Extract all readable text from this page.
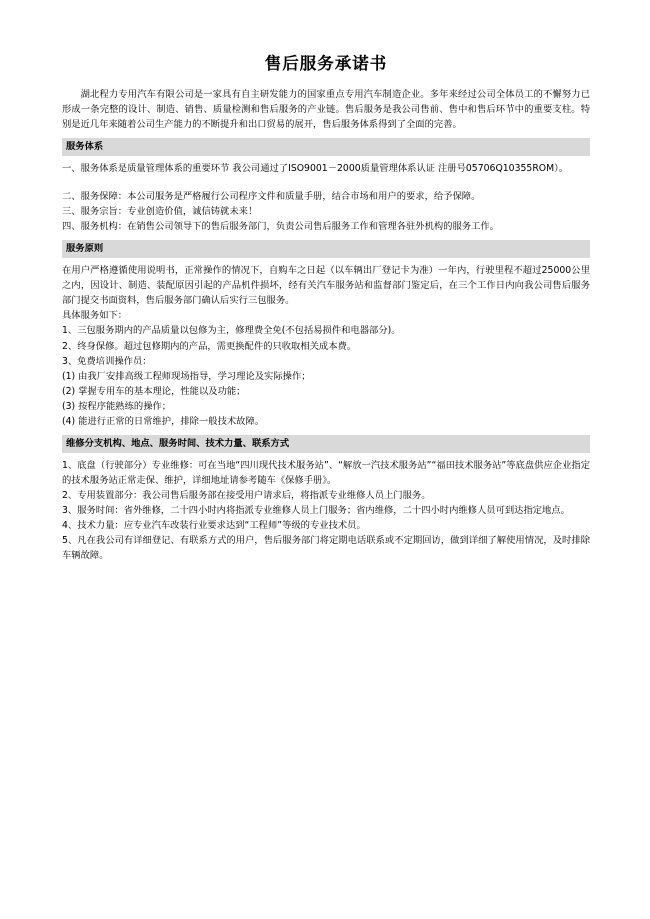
售后服务承诺书

湖北程力专用汽车有限公司是一家具有自主研发能力的国家重点专用汽车制造企业。多年来经过公司全体员工的不懈努力已形成一条完整的设计、制造、销售、质量检测和售后服务的产业链。售后服务是我公司售前、售中和售后环节中的重要支柱。特别是近几年来随着公司生产能力的不断提升和出口贸易的展开，售后服务体系得到了全面的完善。

服务体系

一、服务体系是质量管理体系的重要环节 我公司通过了ISO9001－2000质量管理体系认证 注册号05706Q10355ROM）。

二、服务保障：本公司服务是严格履行公司程序文件和质量手册，结合市场和用户的要求，给予保障。

三、服务宗旨：专业创造价值，诚信铸就未来！

四、服务机构：在销售公司领导下的售后服务部门，负责公司售后服务工作和管理各驻外机构的服务工作。

服务原则

在用户严格遵循使用说明书，正常操作的情况下，自购车之日起（以车辆出厂登记卡为准）一年内，行驶里程不超过25000公里之内，因设计、制造、装配原因引起的产品机件损坏，经有关汽车服务站和监督部门鉴定后，在三个工作日内向我公司售后服务部门提交书面资料，售后服务部门确认后实行三包服务。

具体服务如下：

1、三包服务期内的产品质量以包修为主，修理费全免(不包括易损件和电器部分)。

2、终身保修。超过包修期内的产品，需更换配件的只收取相关成本费。

3、免费培训操作员：

(1) 由我厂安排高级工程师现场指导，学习理论及实际操作；

(2) 掌握专用车的基本理论，性能以及功能；

(3) 按程序能熟练的操作；

(4) 能进行正常的日常维护，排除一般技术故障。

维修分支机构、地点、服务时间、技术力量、联系方式

1、底盘（行驶部分）专业维修：可在当地“四川现代技术服务站”、“解放一汽技术服务站”“福田技术服务站”等底盘供应企业指定的技术服务站正常走保、维护，详细地址请参考随车《保修手册》。

2、专用装置部分：我公司售后服务部在接受用户请求后，将指派专业维修人员上门服务。

3、服务时间：省外维修，二十四小时内将指派专业维修人员上门服务；省内维修，二十四小时内维修人员可到达指定地点。

4、技术力量：应专业汽车改装行业要求达到“工程师”等级的专业技术员。

5、凡在我公司有详细登记、有联系方式的用户，售后服务部门将定期电话联系或不定期回访，做到详细了解使用情况，及时排除车辆故障。
